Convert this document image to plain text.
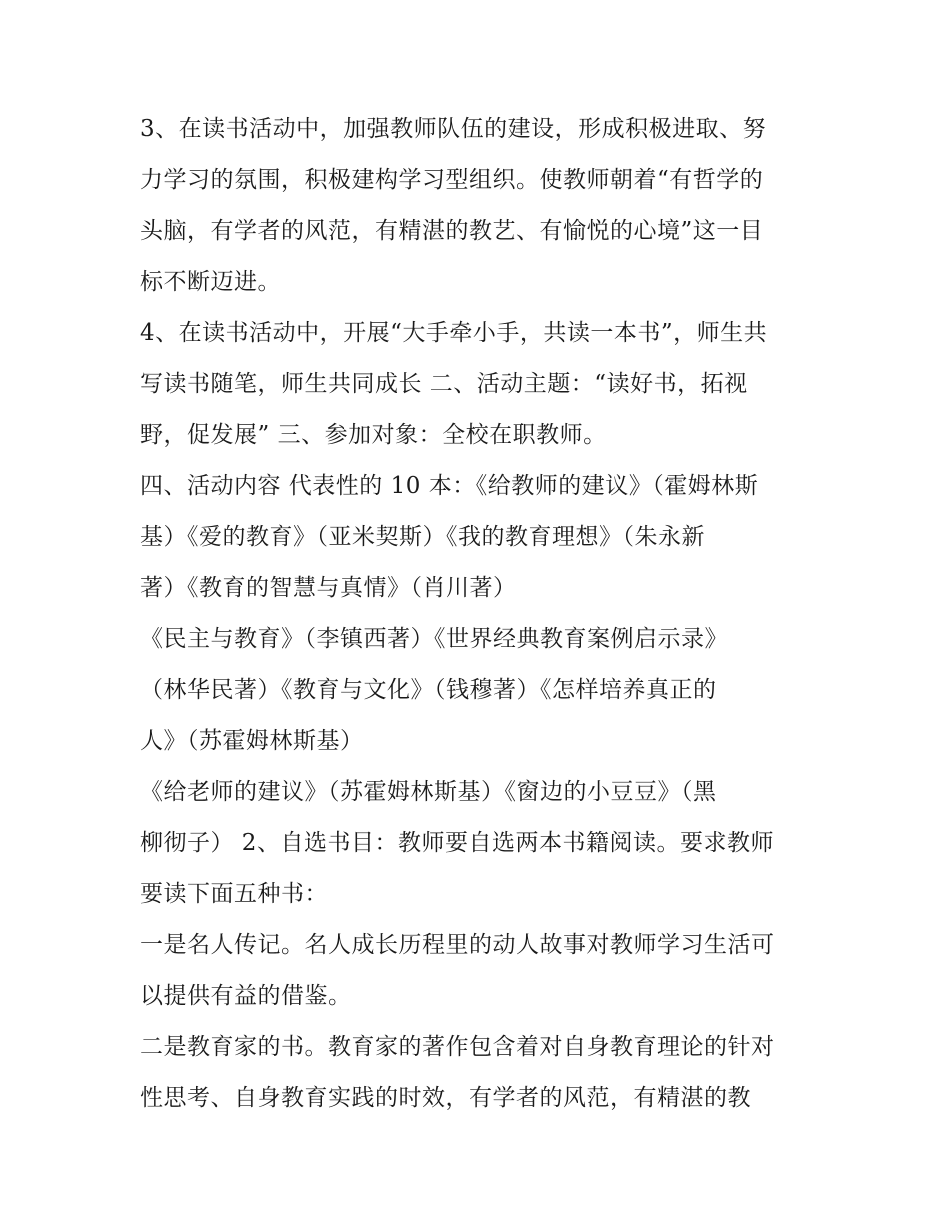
3、在读书活动中，加强教师队伍的建设，形成积极进取、努
力学习的氛围，积极建构学习型组织。使教师朝着“有哲学的
头脑，有学者的风范，有精湛的教艺、有愉悦的心境”这一目
标不断迈进。
4、在读书活动中，开展“大手牵小手，共读一本书”，师生共
写读书随笔，师生共同成长 二、活动主题：“读好书，拓视
野，促发展” 三、参加对象：全校在职教师。
四、活动内容 代表性的 10 本：《给教师的建议》（霍姆林斯
基）《爱的教育》（亚米契斯）《我的教育理想》（朱永新
著）《教育的智慧与真情》（肖川著）
《民主与教育》（李镇西著）《世界经典教育案例启示录》
（林华民著）《教育与文化》（钱穆著）《怎样培养真正的
人》（苏霍姆林斯基）
《给老师的建议》（苏霍姆林斯基）《窗边的小豆豆》（黑
柳彻子） 2、自选书目：教师要自选两本书籍阅读。要求教师
要读下面五种书：
一是名人传记。名人成长历程里的动人故事对教师学习生活可
以提供有益的借鉴。
二是教育家的书。教育家的著作包含着对自身教育理论的针对
性思考、自身教育实践的时效，有学者的风范，有精湛的教
